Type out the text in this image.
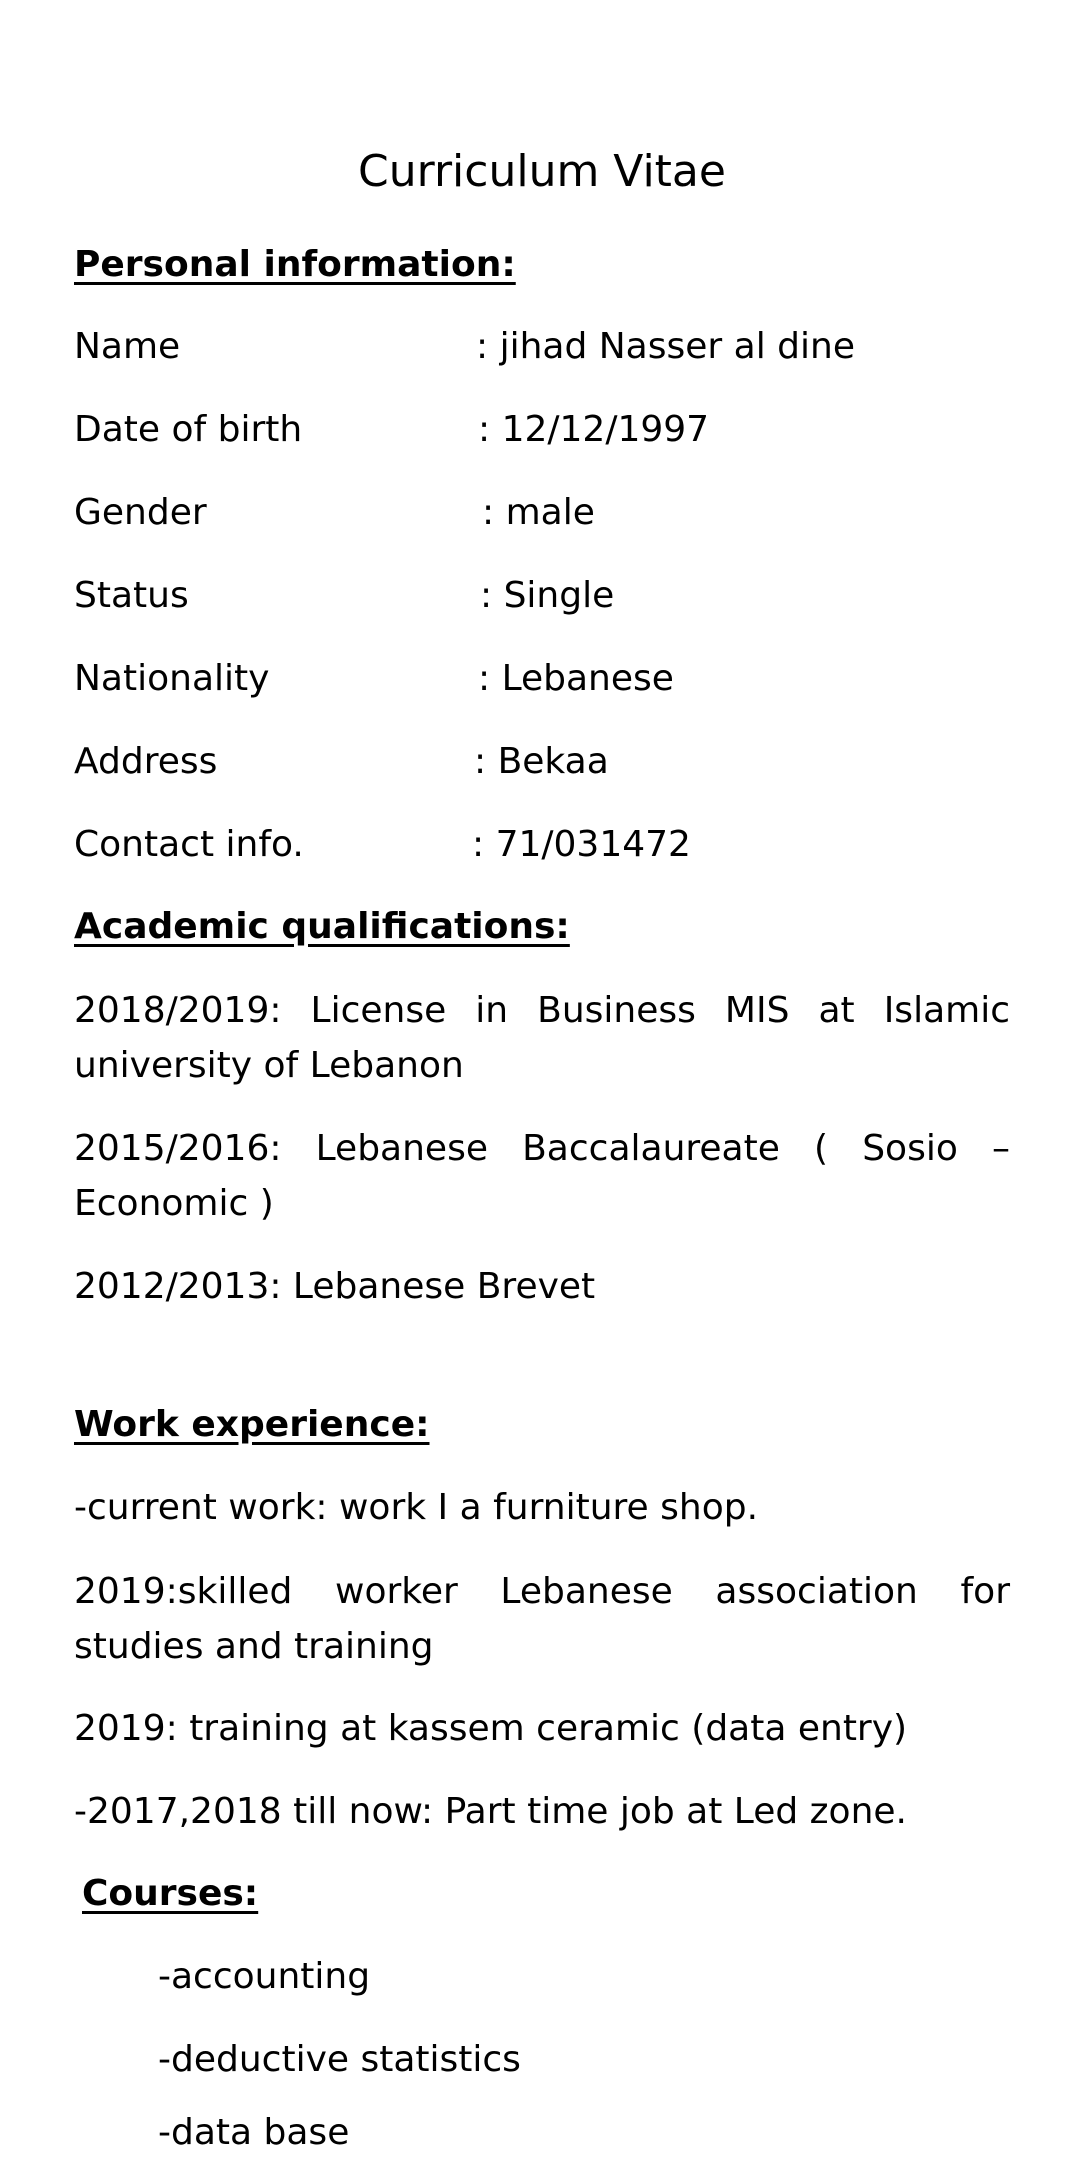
Curriculum Vitae
Personal information:
Name	: jihad Nasser al dine
Date of birth	: 12/12/1997
Gender	: male
Status	: Single
Nationality	: Lebanese
Address	: Bekaa
Contact info.	: 71/031472
Academic qualifications:
2018/2019: License in Business MIS at Islamic university of Lebanon
2015/2016: Lebanese Baccalaureate ( Sosio – Economic )
2012/2013: Lebanese Brevet
Work experience:
-current work: work I a furniture shop.
2019:skilled worker Lebanese association for studies and training
2019: training at kassem ceramic (data entry)
-2017,2018 till now: Part time job at Led zone.
Courses:
-accounting
-deductive statistics
-data base
